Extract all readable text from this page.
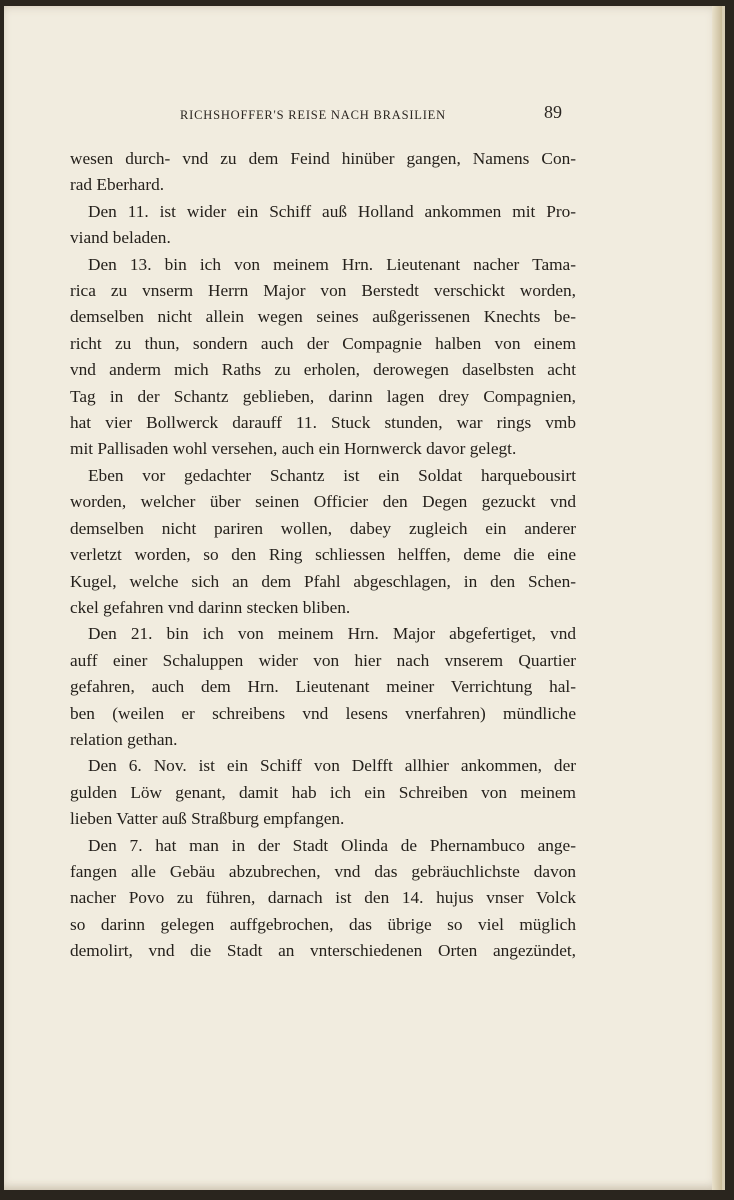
RICHSHOFFER'S REISE NACH BRASILIEN	89
wesen durch- vnd zu dem Feind hinüber gangen, Namens Con-
rad Eberhard.
Den 11. ist wider ein Schiff auß Holland ankommen mit Pro-
viand beladen.
Den 13. bin ich von meinem Hrn. Lieutenant nacher Tama-
rica zu vnserm Herrn Major von Berstedt verschickt worden,
demselben nicht allein wegen seines außgerissenen Knechts be-
richt zu thun, sondern auch der Compagnie halben von einem
vnd anderm mich Raths zu erholen, derowegen daselbsten acht
Tag in der Schantz geblieben, darinn lagen drey Compagnien,
hat vier Bollwerck darauff 11. Stuck stunden, war rings vmb
mit Pallisaden wohl versehen, auch ein Hornwerck davor gelegt.
Eben vor gedachter Schantz ist ein Soldat harquebousirt
worden, welcher über seinen Officier den Degen gezuckt vnd
demselben nicht pariren wollen, dabey zugleich ein anderer
verletzt worden, so den Ring schliessen helffen, deme die eine
Kugel, welche sich an dem Pfahl abgeschlagen, in den Schen-
ckel gefahren vnd darinn stecken bliben.
Den 21. bin ich von meinem Hrn. Major abgefertiget, vnd
auff einer Schaluppen wider von hier nach vnserem Quartier
gefahren, auch dem Hrn. Lieutenant meiner Verrichtung hal-
ben (weilen er schreibens vnd lesens vnerfahren) mündliche
relation gethan.
Den 6. Nov. ist ein Schiff von Delfft allhier ankommen, der
gulden Löw genant, damit hab ich ein Schreiben von meinem
lieben Vatter auß Straßburg empfangen.
Den 7. hat man in der Stadt Olinda de Phernambuco ange-
fangen alle Gebäu abzubrechen, vnd das gebräuchlichste davon
nacher Povo zu führen, darnach ist den 14. hujus vnser Volck
so darinn gelegen auffgebrochen, das übrige so viel müglich
demolirt, vnd die Stadt an vnterschiedenen Orten angezündet,
